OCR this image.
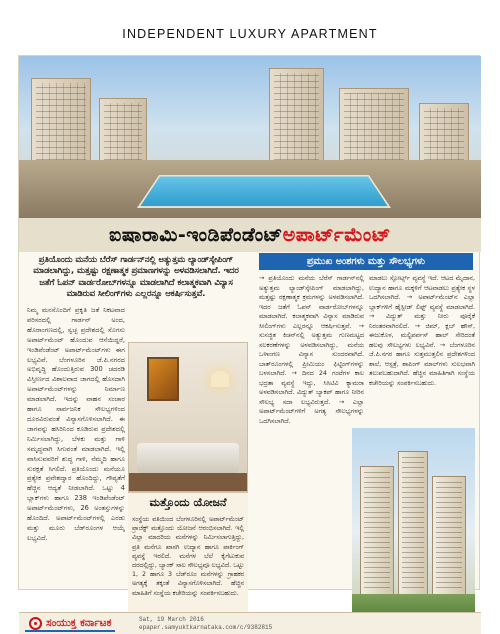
INDEPENDENT LUXURY APARTMENT
ಐಷಾರಾಮಿ-ಇಂಡಿಪೆಂಡೆಂಟ್ ಅಪಾರ್ಟ್‌ಮೆಂಟ್
ಪ್ರತಿಯೊಂದು ಮನೆಯ ಬೆರೆಸ್ ಗಾರ್ಡನ್‌ನಲ್ಲಿ ಅತ್ಯುತ್ತಮ ಲ್ಯಾಂಡ್‌ಸ್ಕೇಪಿಂಗ್ ಮಾಡಲಾಗಿದ್ದು, ಮತ್ತಷ್ಟು ರಕ್ಷಣಾತ್ಮಕ ಪ್ರಮಾಣಗಳನ್ನು ಅಳವಡಿಸಲಾಗಿದೆ. ಇದರ ಜತೆಗೆ ಓಪನ್ ವಾರ್ಡರೋಬ್‌ಗಳನ್ನೂ ಮಾಡಲಾಗಿದೆ ಕಲಾತ್ಮಕವಾಗಿ ವಿನ್ಯಾಸ ಮಾಡಿರುವ ಸೀಲಿಂಗ್‌ಗಳು ಎಲ್ಲರನ್ನೂ ಆಕರ್ಷಿಸುತ್ತವೆ.
ನಿಮ್ಮ ಮನಸೊಂದಿಗೆ ಪ್ರಕೃತಿ ಜತೆ ನಿಕಟವಾದ ಪರಿಸರದಲ್ಲಿ ಗಾರ್ಡನ್ ಅಂದ, ಹೊರಾಂಗಣದಲ್ಲಿ, ಸ್ವಚ್ಛ ಪ್ರದೇಶದಲ್ಲಿ ಸೊಗಸು ಅಪಾರ್ಟ್‌ಮೆಂಟ್ ಹೊಂದುವ ಆಸೆಯಿದ್ದರೆ, ಇಂಡಿಪೆಂಡೆಂಟ್ ಅಪಾರ್ಟ್‌ಮೆಂಟ್‌ಗಳು ಈಗ ಲಭ್ಯವಿವೆ. ಬೆಂಗಳೂರಿನ ಜೆ.ಪಿ.ನಗರದ ಅಭಿವೃದ್ಧಿ ಹೊಂದುತ್ತಿರುವ 300 ಚದರಡಿ ವಿಸ್ತೀರ್ಣದ ವಿಶಾಲವಾದ ಜಾಗದಲ್ಲಿ ಹೊಸದಾಗಿ ಅಪಾರ್ಟ್‌ಮೆಂಟ್‌ಗಳನ್ನು ನಿರ್ಮಾಣ ಮಾಡಲಾಗಿದೆ. ಇದನ್ನು ವಾಹನ ಸಂಚಾರ ಹಾಗೂ ಸಾರ್ವಜನಿಕ ಸೌಲಭ್ಯಗಳಿಂದ ದೂರವಿರುವಂತೆ ವಿನ್ಯಾಸಗೊಳಿಸಲಾಗಿದೆ. ಈ ಜಾಗವನ್ನು ಹಸಿರಿನಿಂದ ಕೂಡಿರುವ ಪ್ರದೇಶದಲ್ಲಿ ನಿರ್ಮಿಸಲಾಗಿದ್ದು, ಬೆಳಕು ಮತ್ತು ಗಾಳಿ ಸಮೃದ್ಧವಾಗಿ ಸಿಗುವಂತೆ ಮಾಡಲಾಗಿದೆ. ಇಲ್ಲಿ ವಾಸಿಸುವವರಿಗೆ ಶುದ್ಧ ಗಾಳಿ, ನೆಮ್ಮದಿ ಹಾಗೂ ಸುರಕ್ಷತೆ ಸಿಗಲಿದೆ. ಪ್ರತಿಯೊಂದು ಮನೆಯೂ ಪ್ರತ್ಯೇಕ ಪ್ರವೇಶದ್ವಾರ ಹೊಂದಿದ್ದು, ಗೌಪ್ಯತೆಗೆ ಹೆಚ್ಚಿನ ಆದ್ಯತೆ ನೀಡಲಾಗಿದೆ. ಒಟ್ಟು 4 ಬ್ಲಾಕ್‌ಗಳು ಹಾಗೂ 238 ಇಂಡಿಪೆಂಡೆಂಟ್ ಅಪಾರ್ಟ್‌ಮೆಂಟ್‌ಗಳು, 26 ಅಂತಸ್ತುಗಳನ್ನು ಹೊಂದಿದೆ. ಅಪಾರ್ಟ್‌ಮೆಂಟ್‌ಗಳಲ್ಲಿ ಎರಡು ಮತ್ತು ಮೂರು ಬೆಡ್‌ರೂಂಗಳ ಆಯ್ಕೆ ಲಭ್ಯವಿದೆ.
ಮತ್ತೊಂದು ಯೋಜನೆ
ಸಂಸ್ಥೆಯ ವತಿಯಿಂದ ಬೆಂಗಳೂರಿನಲ್ಲಿ ಅಪಾರ್ಟ್‌ಮೆಂಟ್ ಪ್ರಾಜೆಕ್ಟ್ ಮತ್ತೊಂದು ಯೋಜನೆ ಆರಂಭಿಸಲಾಗಿದೆ. ಇಲ್ಲಿ ವಿಲ್ಲಾ ಮಾದರಿಯ ಮನೆಗಳನ್ನು ನಿರ್ಮಿಸಲಾಗುತ್ತಿದ್ದು, ಪ್ರತಿ ಮನೆಗೂ ಖಾಸಗಿ ಉದ್ಯಾನ ಹಾಗೂ ಪಾರ್ಕಿಂಗ್ ವ್ಯವಸ್ಥೆ ಇರಲಿದೆ. ಮನೆಗಳ ಬೆಲೆ ಕೈಗೆಟುಕುವ ದರದಲ್ಲಿದ್ದು, ಬ್ಯಾಂಕ್ ಸಾಲ ಸೌಲಭ್ಯವೂ ಲಭ್ಯವಿದೆ. ಒಟ್ಟು 1, 2 ಹಾಗೂ 3 ಬೆಡ್‌ರೂಂ ಮನೆಗಳನ್ನು ಗ್ರಾಹಕರ ಅಗತ್ಯಕ್ಕೆ ತಕ್ಕಂತೆ ವಿನ್ಯಾಸಗೊಳಿಸಲಾಗಿದೆ. ಹೆಚ್ಚಿನ ಮಾಹಿತಿಗೆ ಸಂಸ್ಥೆಯ ಕಚೇರಿಯನ್ನು ಸಂಪರ್ಕಿಸಬಹುದು.
ಪ್ರಮುಖ ಅಂಶಗಳು ಮತ್ತು ಸೌಲಭ್ಯಗಳು
→ ಪ್ರತಿಯೊಂದು ಮನೆಯ ಬೆರೆಸ್ ಗಾರ್ಡನ್‌ನಲ್ಲಿ ಅತ್ಯುತ್ತಮ ಲ್ಯಾಂಡ್‌ಸ್ಕೇಪಿಂಗ್ ಮಾಡಲಾಗಿದ್ದು, ಮತ್ತಷ್ಟು ರಕ್ಷಣಾತ್ಮಕ ಕ್ರಮಗಳನ್ನು ಅಳವಡಿಸಲಾಗಿದೆ. ಇದರ ಜತೆಗೆ ಓಪನ್ ವಾರ್ಡರೋಬ್‌ಗಳನ್ನೂ ಮಾಡಲಾಗಿದೆ. ಕಲಾತ್ಮಕವಾಗಿ ವಿನ್ಯಾಸ ಮಾಡಿರುವ ಸೀಲಿಂಗ್‌ಗಳು ಎಲ್ಲರನ್ನೂ ಆಕರ್ಷಿಸುತ್ತವೆ. → ಸುಸಜ್ಜಿತ ಕಿಚನ್‌ನಲ್ಲಿ ಅತ್ಯುತ್ತಮ ಗುಣಮಟ್ಟದ ಸಲಕರಣೆಗಳನ್ನು ಅಳವಡಿಸಲಾಗಿದ್ದು, ಮನೆಯ ಒಳಾಂಗಣ ವಿನ್ಯಾಸ ಸುಂದರವಾಗಿದೆ. ಬಾತ್‌ರೂಂಗಳಲ್ಲಿ ಪ್ರೀಮಿಯಂ ಫಿಟ್ಟಿಂಗ್‌ಗಳನ್ನು ಬಳಸಲಾಗಿದೆ. → ದಿನದ 24 ಗಂಟೆಗಳ ಕಾಲ ಭದ್ರತಾ ವ್ಯವಸ್ಥೆ ಇದ್ದು, ಸಿಸಿಟಿವಿ ಕ್ಯಾಮರಾ ಅಳವಡಿಸಲಾಗಿದೆ. ವಿದ್ಯುತ್ ಬ್ಯಾಕಪ್ ಹಾಗೂ ನೀರಿನ ಸೌಲಭ್ಯ ಸದಾ ಲಭ್ಯವಿರುತ್ತದೆ. → ಎಲ್ಲಾ ಅಪಾರ್ಟ್‌ಮೆಂಟ್‌ಗಳಿಗೆ ಅಗತ್ಯ ಸೌಲಭ್ಯಗಳನ್ನು ಒದಗಿಸಲಾಗಿದೆ.
ಮಾಡಲು ಸ್ಪೋರ್ಟ್ಸ್ ವ್ಯವಸ್ಥೆ ಇದೆ. ಆಟದ ಮೈದಾನ, ಉದ್ಯಾನ ಹಾಗೂ ಮಕ್ಕಳಿಗೆ ಆಟವಾಡಲು ಪ್ರತ್ಯೇಕ ಸ್ಥಳ ಒದಗಿಸಲಾಗಿದೆ. → ಅಪಾರ್ಟ್‌ಮೆಂಟ್‌ನ ಎಲ್ಲಾ ಬ್ಲಾಕ್‌ಗಳಿಗೆ ಹೈಸ್ಪೀಡ್ ಲಿಫ್ಟ್ ವ್ಯವಸ್ಥೆ ಮಾಡಲಾಗಿದೆ. → ವಿದ್ಯುತ್ ಮತ್ತು ನೀರು ಪೂರೈಕೆ ನಿರಂತರವಾಗಿರಲಿದೆ. → ಜಿಮ್, ಕ್ಲಬ್ ಹೌಸ್, ಈಜುಕೊಳ, ಮಲ್ಟಿಪರ್ಪಸ್ ಹಾಲ್ ಸೇರಿದಂತೆ ಹಲವು ಸೌಲಭ್ಯಗಳು ಲಭ್ಯವಿವೆ. → ಬೆಂಗಳೂರಿನ ಜೆ.ಪಿ.ನಗರ ಹಾಗೂ ಸುತ್ತಮುತ್ತಲಿನ ಪ್ರದೇಶಗಳಿಂದ ಶಾಲೆ, ಆಸ್ಪತ್ರೆ, ಶಾಪಿಂಗ್ ಮಾಲ್‌ಗಳು ಸುಲಭವಾಗಿ ತಲುಪಬಹುದಾಗಿದೆ. ಹೆಚ್ಚಿನ ಮಾಹಿತಿಗಾಗಿ ಸಂಸ್ಥೆಯ ಕಚೇರಿಯನ್ನು ಸಂಪರ್ಕಿಸಬಹುದು.
ಸಂಯುಕ್ತ ಕರ್ನಾಟಕ	Sat, 19 March 2016
epaper.samyuktkarnataka.com/c/9382815
